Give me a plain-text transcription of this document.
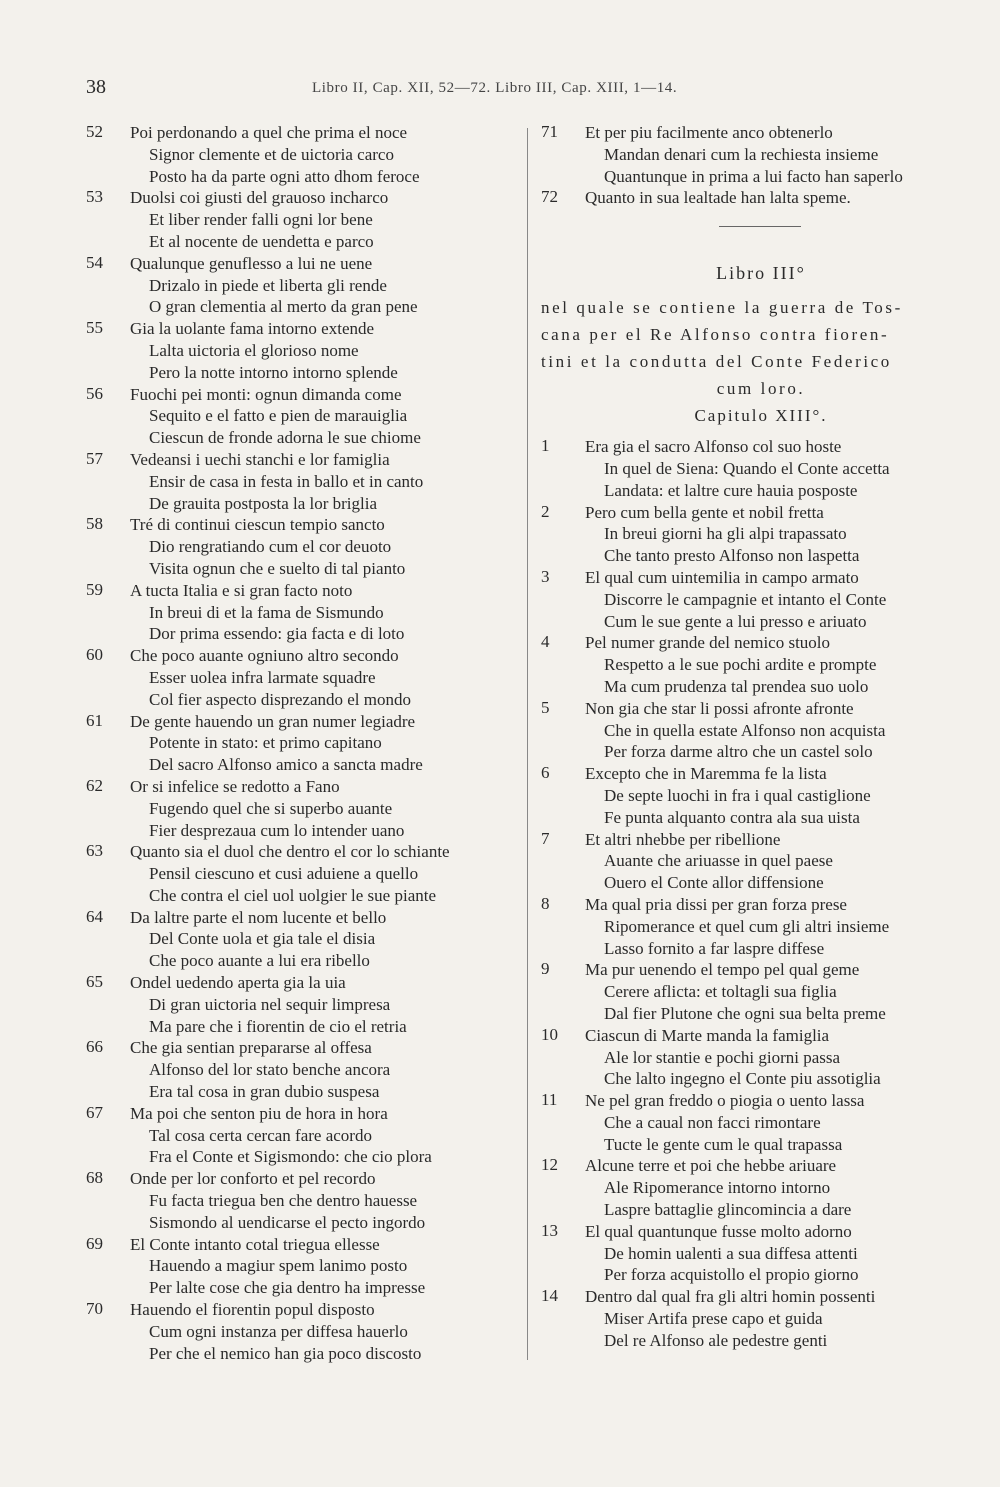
38	Libro II, Cap. XII, 52—72. Libro III, Cap. XIII, 1—14.
52	Poi perdonando a quel che prima el noce
Signor clemente et de uictoria carco
Posto ha da parte ogni atto dhom feroce
53	Duolsi coi giusti del grauoso incharco
Et liber render falli ogni lor bene
Et al nocente de uendetta e parco
54	Qualunque genuflesso a lui ne uene
Drizalo in piede et liberta gli rende
O gran clementia al merto da gran pene
55	Gia la uolante fama intorno extende
Lalta uictoria el glorioso nome
Pero la notte intorno intorno splende
56	Fuochi pei monti: ognun dimanda come
Sequito e el fatto e pien de marauiglia
Ciescun de fronde adorna le sue chiome
57	Vedeansi i uechi stanchi e lor famiglia
Ensir de casa in festa in ballo et in canto
De grauita postposta la lor briglia
58	Tré di continui ciescun tempio sancto
Dio rengratiando cum el cor deuoto
Visita ognun che e suelto di tal pianto
59	A tucta Italia e si gran facto noto
In breui di et la fama de Sismundo
Dor prima essendo: gia facta e di loto
60	Che poco auante ogniuno altro secondo
Esser uolea infra larmate squadre
Col fier aspecto disprezando el mondo
61	De gente hauendo un gran numer legiadre
Potente in stato: et primo capitano
Del sacro Alfonso amico a sancta madre
62	Or si infelice se redotto a Fano
Fugendo quel che si superbo auante
Fier desprezaua cum lo intender uano
63	Quanto sia el duol che dentro el cor lo schiante
Pensil ciescuno et cusi aduiene a quello
Che contra el ciel uol uolgier le sue piante
64	Da laltre parte el nom lucente et bello
Del Conte uola et gia tale el disia
Che poco auante a lui era ribello
65	Ondel uedendo aperta gia la uia
Di gran uictoria nel sequir limpresa
Ma pare che i fiorentin de cio el retria
66	Che gia sentian prepararse al offesa
Alfonso del lor stato benche ancora
Era tal cosa in gran dubio suspesa
67	Ma poi che senton piu de hora in hora
Tal cosa certa cercan fare acordo
Fra el Conte et Sigismondo: che cio plora
68	Onde per lor conforto et pel recordo
Fu facta triegua ben che dentro hauesse
Sismondo al uendicarse el pecto ingordo
69	El Conte intanto cotal triegua ellesse
Hauendo a magiur spem lanimo posto
Per lalte cose che gia dentro ha impresse
70	Hauendo el fiorentin popul disposto
Cum ogni instanza per diffesa hauerlo
Per che el nemico han gia poco discosto
71	Et per piu facilmente anco obtenerlo
Mandan denari cum la rechiesta insieme
Quantunque in prima a lui facto han saperlo
72	Quanto in sua lealtade han lalta speme.
Libro III°
nel quale se contiene la guerra de Tos-
cana per el Re Alfonso contra fioren-
tini et la condutta del Conte Federico
cum loro.
Capitulo XIII°.
1	Era gia el sacro Alfonso col suo hoste
In quel de Siena: Quando el Conte accetta
Landata: et laltre cure hauia posposte
2	Pero cum bella gente et nobil fretta
In breui giorni ha gli alpi trapassato
Che tanto presto Alfonso non laspetta
3	El qual cum uintemilia in campo armato
Discorre le campagnie et intanto el Conte
Cum le sue gente a lui presso e ariuato
4	Pel numer grande del nemico stuolo
Respetto a le sue pochi ardite e prompte
Ma cum prudenza tal prendea suo uolo
5	Non gia che star li possi afronte afronte
Che in quella estate Alfonso non acquista
Per forza darme altro che un castel solo
6	Excepto che in Maremma fe la lista
De septe luochi in fra i qual castiglione
Fe punta alquanto contra ala sua uista
7	Et altri nhebbe per ribellione
Auante che ariuasse in quel paese
Ouero el Conte allor diffensione
8	Ma qual pria dissi per gran forza prese
Ripomerance et quel cum gli altri insieme
Lasso fornito a far laspre diffese
9	Ma pur uenendo el tempo pel qual geme
Cerere aflicta: et toltagli sua figlia
Dal fier Plutone che ogni sua belta preme
10	Ciascun di Marte manda la famiglia
Ale lor stantie e pochi giorni passa
Che lalto ingegno el Conte piu assotiglia
11	Ne pel gran freddo o piogia o uento lassa
Che a caual non facci rimontare
Tucte le gente cum le qual trapassa
12	Alcune terre et poi che hebbe ariuare
Ale Ripomerance intorno intorno
Laspre battaglie glincomincia a dare
13	El qual quantunque fusse molto adorno
De homin ualenti a sua diffesa attenti
Per forza acquistollo el propio giorno
14	Dentro dal qual fra gli altri homin possenti
Miser Artifa prese capo et guida
Del re Alfonso ale pedestre genti
